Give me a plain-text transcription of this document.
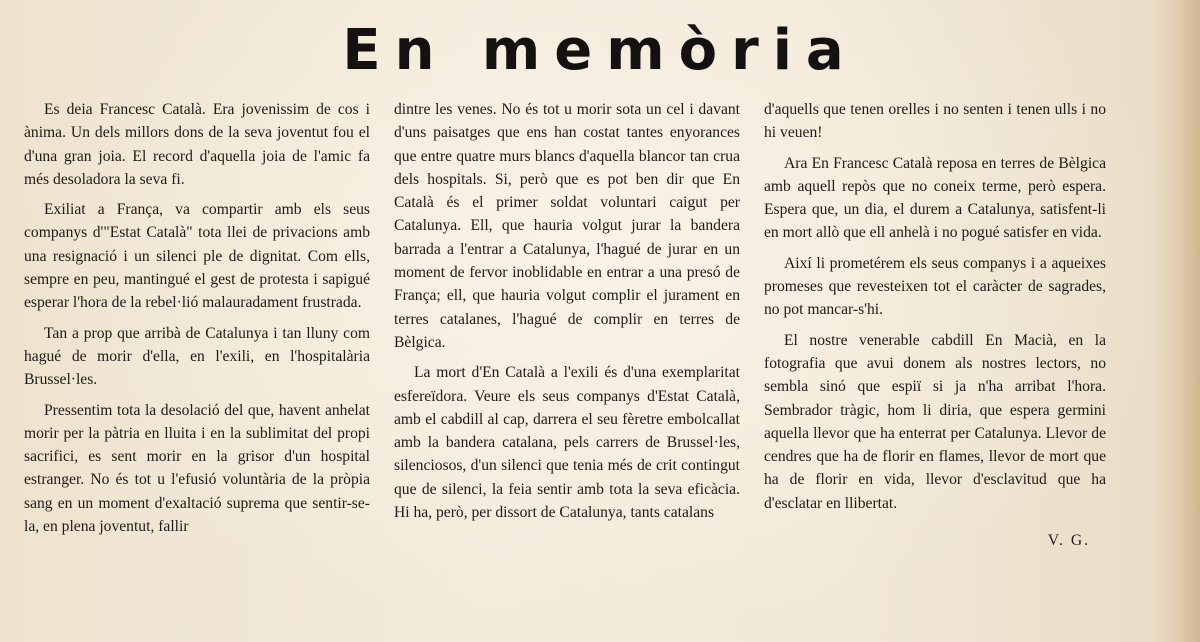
En memòria

Es deia Francesc Català. Era jovenissim de cos i ànima. Un dels millors dons de la seva joventut fou el d'una gran joia. El record d'aquella joia de l'amic fa més desoladora la seva fi.

Exiliat a França, va compartir amb els seus companys d'"Estat Català" tota llei de privacions amb una resignació i un silenci ple de dignitat. Com ells, sempre en peu, mantingué el gest de protesta i sapigué esperar l'hora de la rebel·lió malauradament frustrada.

Tan a prop que arribà de Catalunya i tan lluny com hagué de morir d'ella, en l'exili, en l'hospitalària Brussel·les.

Pressentim tota la desolació del que, havent anhelat morir per la pàtria en lluita i en la sublimitat del propi sacrifici, es sent morir en la grisor d'un hospital estranger. No és tot u l'efusió voluntària de la pròpia sang en un moment d'exaltació suprema que sentir-se-la, en plena joventut, fallir

dintre les venes. No és tot u morir sota un cel i davant d'uns paisatges que ens han costat tantes enyorances que entre quatre murs blancs d'aquella blancor tan crua dels hospitals. Si, però que es pot ben dir que En Català és el primer soldat voluntari caigut per Catalunya. Ell, que hauria volgut jurar la bandera barrada a l'entrar a Catalunya, l'hagué de jurar en un moment de fervor inoblidable en entrar a una presó de França; ell, que hauria volgut complir el jurament en terres catalanes, l'hagué de complir en terres de Bèlgica.

La mort d'En Català a l'exili és d'una exemplaritat esfereïdora. Veure els seus companys d'Estat Català, amb el cabdill al cap, darrera el seu fèretre embolcallat amb la bandera catalana, pels carrers de Brussel·les, silenciosos, d'un silenci que tenia més de crit contingut que de silenci, la feia sentir amb tota la seva eficàcia. Hi ha, però, per dissort de Catalunya, tants catalans

d'aquells que tenen orelles i no senten i tenen ulls i no hi veuen!

Ara En Francesc Català reposa en terres de Bèlgica amb aquell repòs que no coneix terme, però espera. Espera que, un dia, el durem a Catalunya, satisfent-li en mort allò que ell anhelà i no pogué satisfer en vida.

Així li prometérem els seus companys i a aqueixes promeses que revesteixen tot el caràcter de sagrades, no pot mancar-s'hi.

El nostre venerable cabdill En Macià, en la fotografia que avui donem als nostres lectors, no sembla sinó que espiï si ja n'ha arribat l'hora. Sembrador tràgic, hom li diria, que espera germini aquella llevor que ha enterrat per Catalunya. Llevor de cendres que ha de florir en flames, llevor de mort que ha de florir en vida, llevor d'esclavitud que ha d'esclatar en llibertat.

V. G.
